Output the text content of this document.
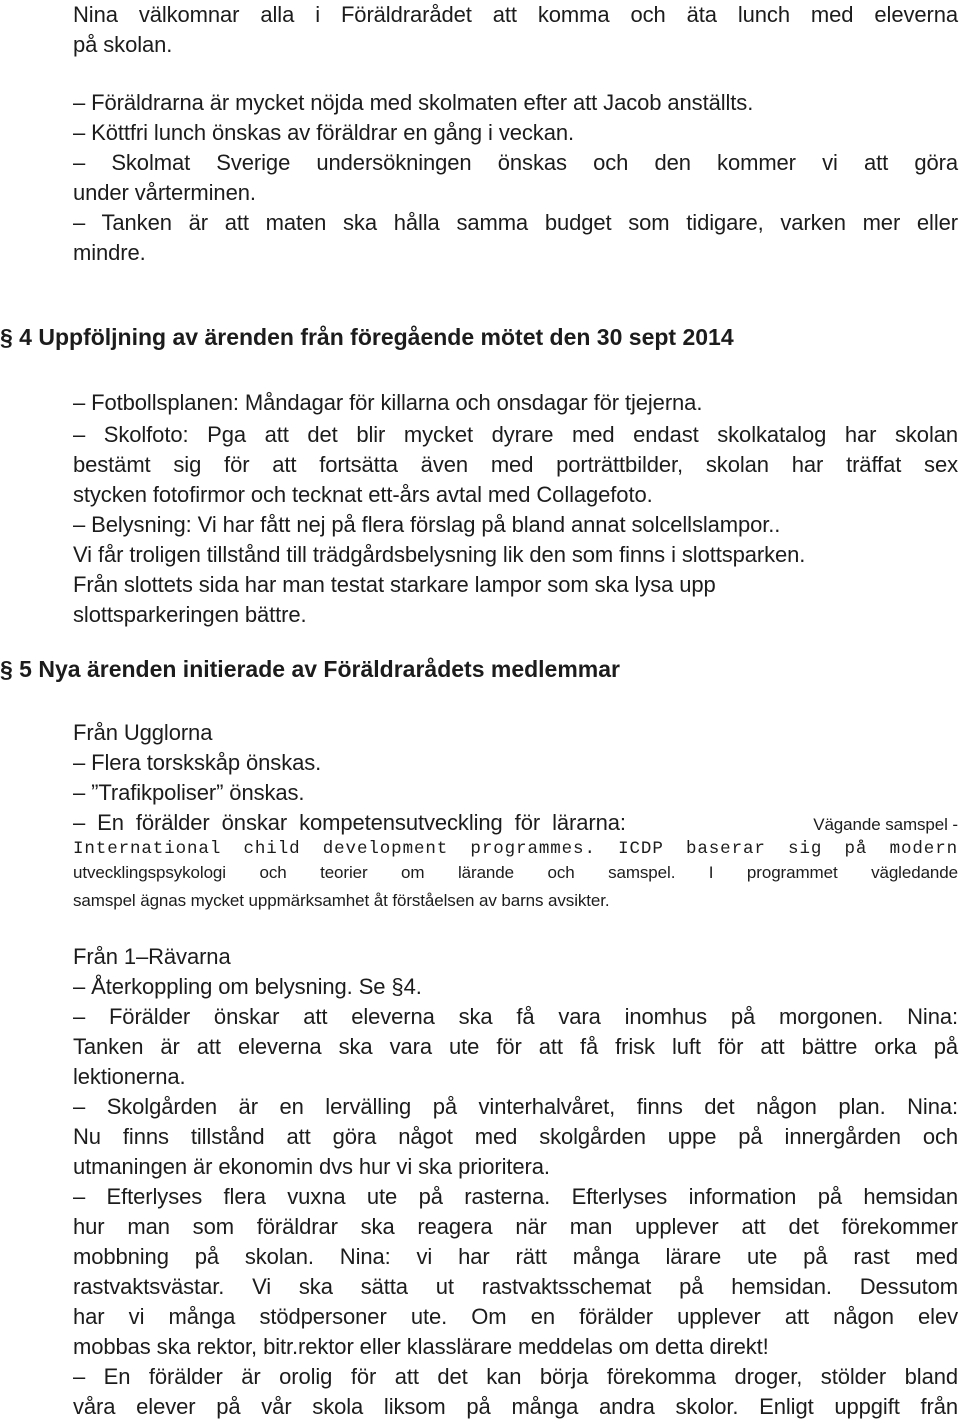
Nina välkomnar alla i Föräldrarådet att komma och äta lunch med eleverna
på skolan.
– Föräldrarna är mycket nöjda med skolmaten efter att Jacob anställts.
– Köttfri lunch önskas av föräldrar en gång i veckan.
– Skolmat Sverige undersökningen önskas och den kommer vi att göra
under vårterminen.
– Tanken är att maten ska hålla samma budget som tidigare, varken mer eller
mindre.
§ 4 Uppföljning av ärenden från föregående mötet den 30 sept 2014
– Fotbollsplanen: Måndagar för killarna och onsdagar för tjejerna.
– Skolfoto: Pga att det blir mycket dyrare med endast skolkatalog har skolan
bestämt sig för att fortsätta även med porträttbilder, skolan har träffat sex
stycken fotofirmor och tecknat ett-års avtal med Collagefoto.
– Belysning: Vi har fått nej på flera förslag på bland annat solcellslampor..
Vi får troligen tillstånd till trädgårdsbelysning lik den som finns i slottsparken.
Från slottets sida har man testat starkare lampor som ska lysa upp
slottsparkeringen bättre.
§ 5 Nya ärenden initierade av Föräldrarådets medlemmar
Från Ugglorna
– Flera torskskåp önskas.
– ”Trafikpoliser” önskas.
– En förälder önskar kompetensutveckling för lärarna:	Vägande samspel -
International child development programmes. ICDP baserar sig på modern
utvecklingspsykologi och teorier om lärande och samspel. I programmet vägledande
samspel ägnas mycket uppmärksamhet åt förståelsen av barns avsikter.
Från 1–Rävarna
– Återkoppling om belysning. Se §4.
– Förälder önskar att eleverna ska få vara inomhus på morgonen. Nina:
Tanken är att eleverna ska vara ute för att få frisk luft för att bättre orka på
lektionerna.
– Skolgården är en lervälling på vinterhalvåret, finns det någon plan. Nina:
Nu finns tillstånd att göra något med skolgården uppe på innergården och
utmaningen är ekonomin dvs hur vi ska prioritera.
– Efterlyses flera vuxna ute på rasterna. Efterlyses information på hemsidan
hur man som föräldrar ska reagera när man upplever att det förekommer
mobbning på skolan. Nina: vi har rätt många lärare ute på rast med
rastvaktsvästar. Vi ska sätta ut rastvaktsschemat på hemsidan. Dessutom
har vi många stödpersoner ute. Om en förälder upplever att någon elev
mobbas ska rektor, bitr.rektor eller klasslärare meddelas om detta direkt!
– En förälder är orolig för att det kan börja förekomma droger, stölder bland
våra elever på vår skola liksom på många andra skolor. Enligt uppgift från
